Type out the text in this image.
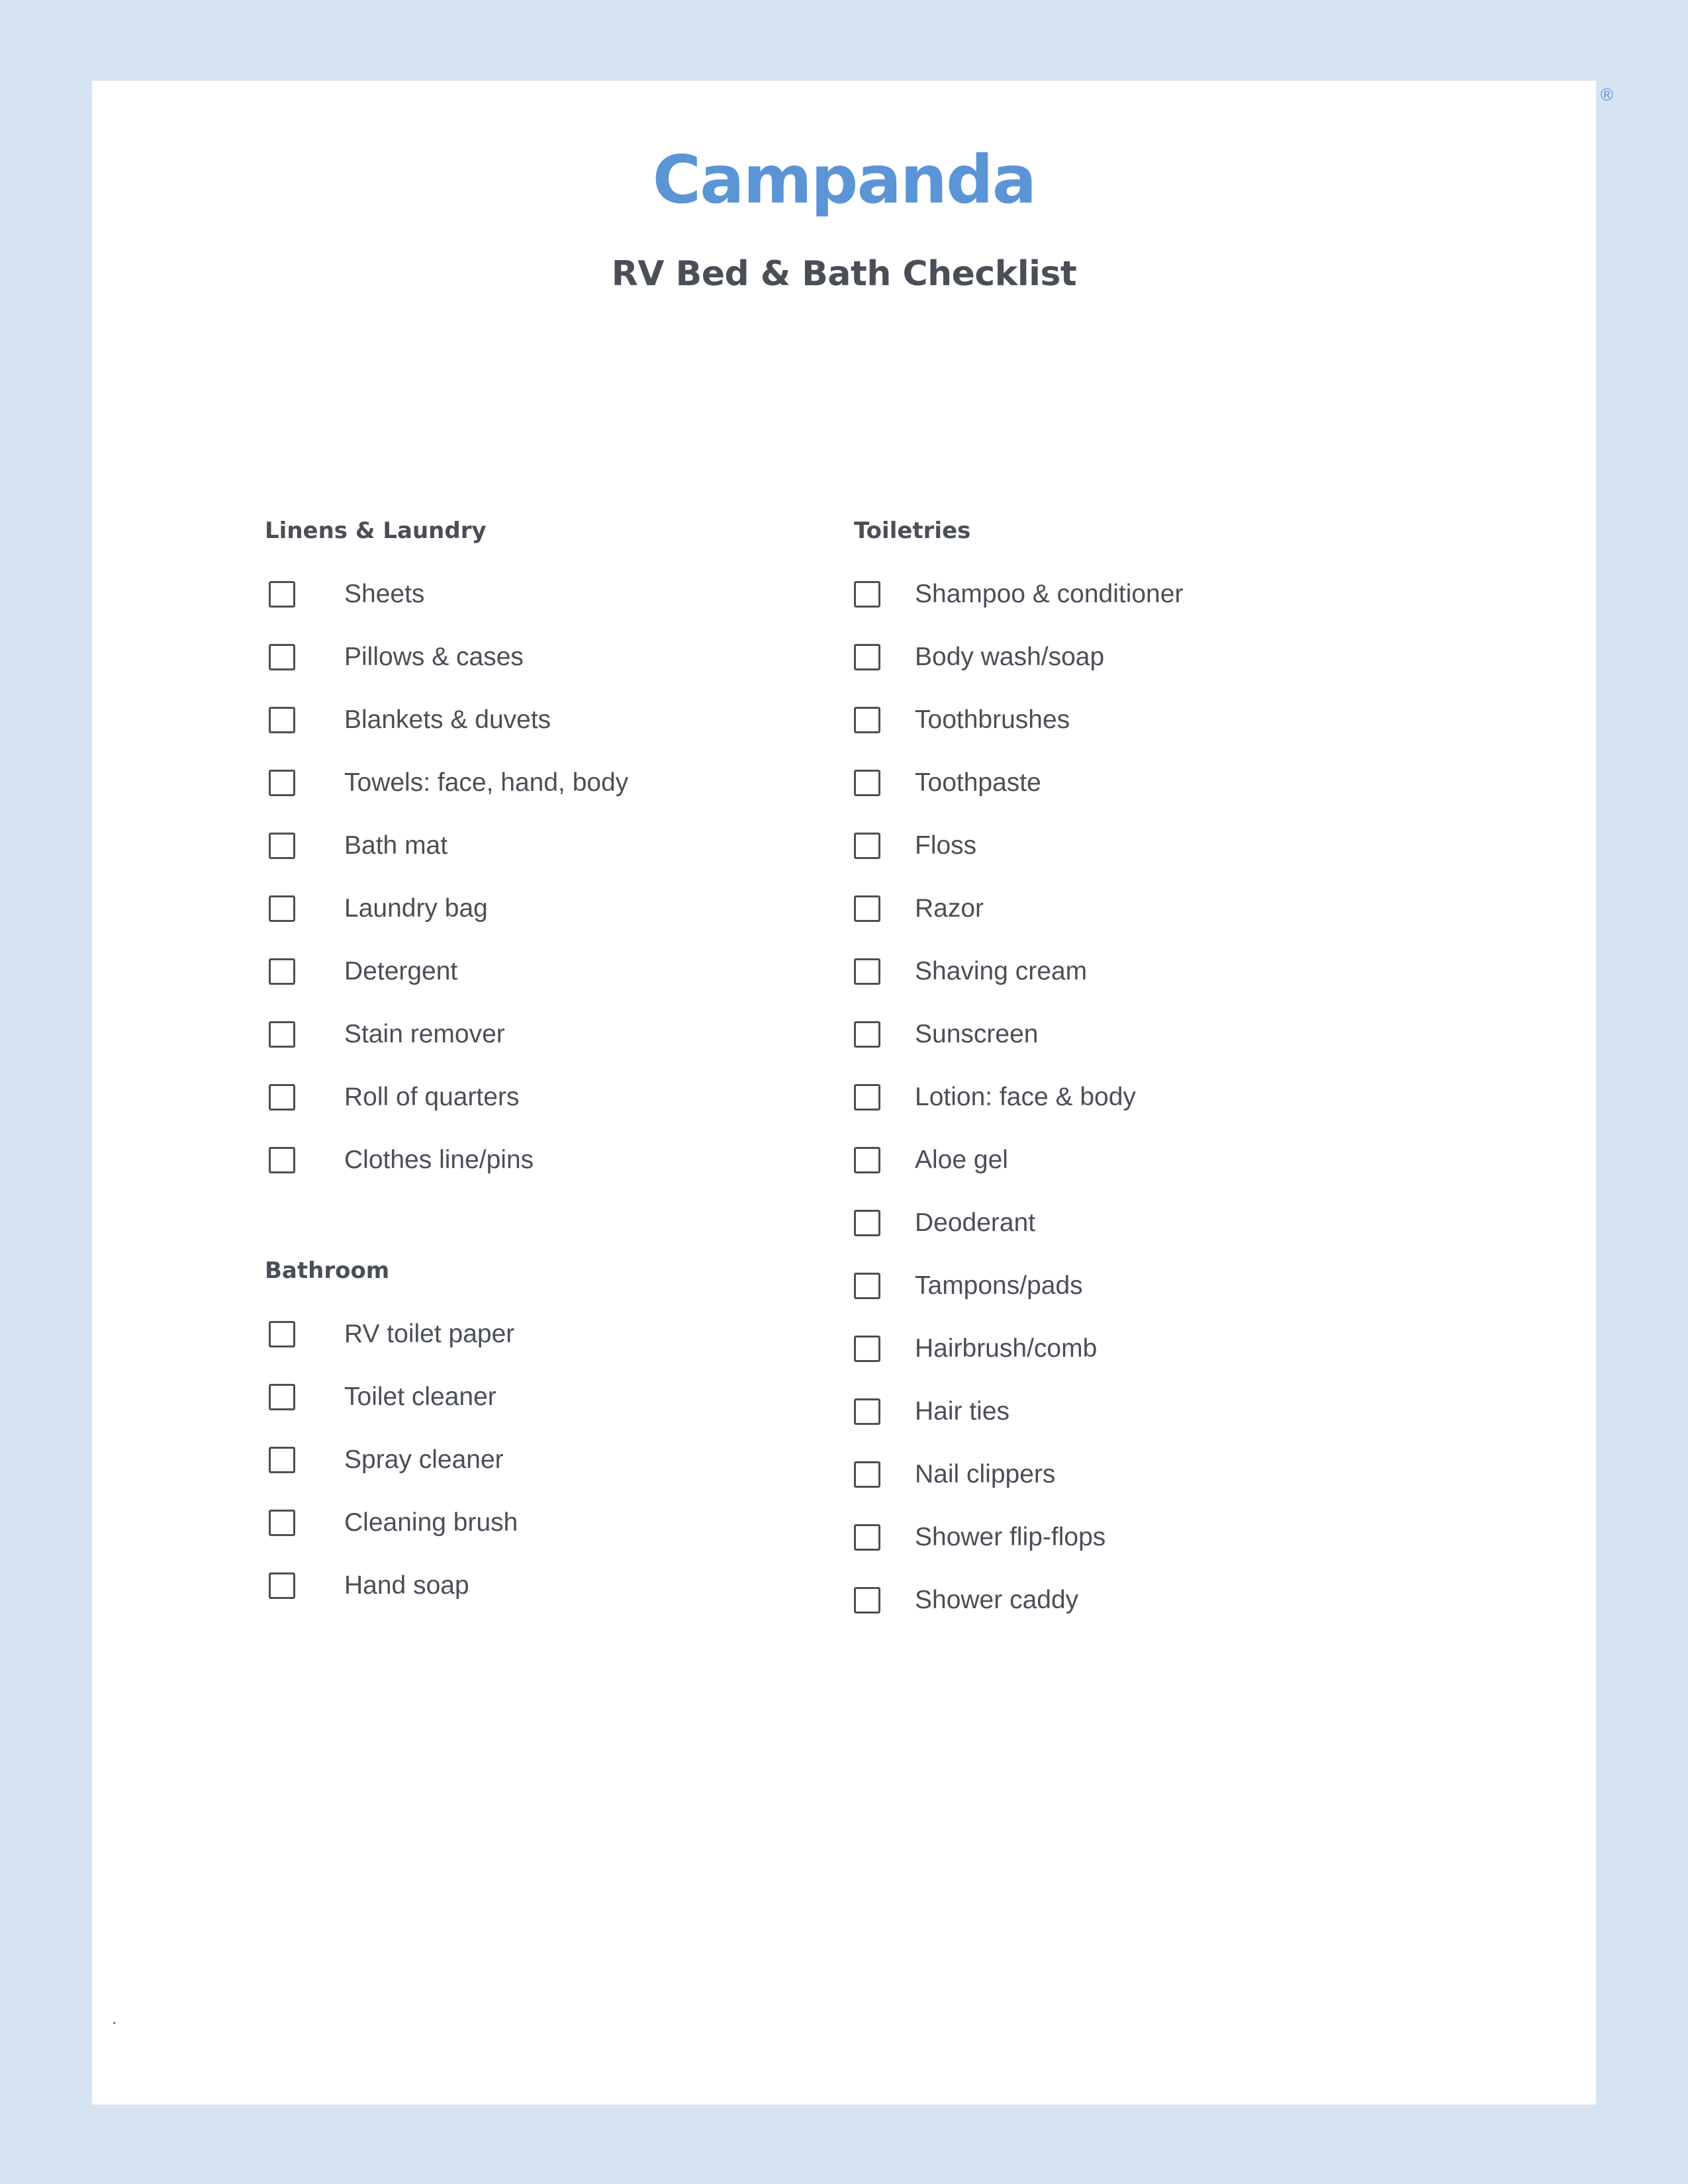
Campanda
®
RV Bed & Bath Checklist
Linens & Laundry
Sheets
Pillows & cases
Blankets & duvets
Towels: face, hand, body
Bath mat
Laundry bag
Detergent
Stain remover
Roll of quarters
Clothes line/pins
Bathroom
RV toilet paper
Toilet cleaner
Spray cleaner
Cleaning brush
Hand soap
Toiletries
Shampoo & conditioner
Body wash/soap
Toothbrushes
Toothpaste
Floss
Razor
Shaving cream
Sunscreen
Lotion: face & body
Aloe gel
Deoderant
Tampons/pads
Hairbrush/comb
Hair ties
Nail clippers
Shower flip-flops
Shower caddy
.
